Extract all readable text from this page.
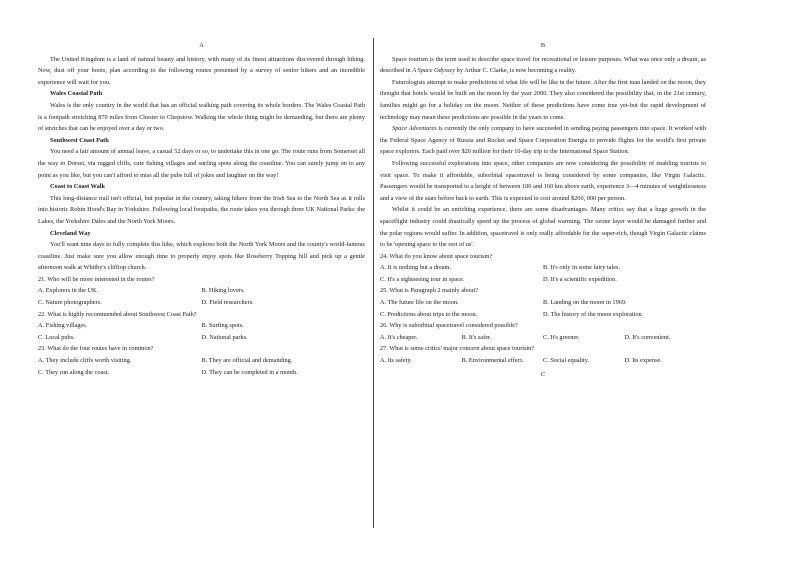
A

The United Kingdom is a land of natural beauty and history, with many of its finest attractions discovered through hiking. Now, dust off your boots, plan according to the following routes presented by a survey of senior hikers and an incredible experience will wait for you.

Wales Coastal Path

Wales is the only country in the world that has an official walking path covering its whole borders. The Wales Coastal Path is a footpath stretching 870 miles from Chester to Chepstow. Walking the whole thing might be demanding, but there are plenty of stretches that can be enjoyed over a day or two.

Southwest Coast Path

You need a fair amount of annual leave, a casual 52 days or so, to undertake this in one go. The route runs from Somerset all the way to Dorset, via rugged cliffs, cute fishing villages and surfing spots along the coastline. You can surely jump on to any point as you like, but you can't afford to miss all the pubs full of jokes and laughter on the way!

Coast to Coast Walk

This long-distance trail isn't official, but popular in the country, taking hikers from the Irish Sea to the North Sea as it rolls into historic Robin Hood's Bay in Yorkshire. Following local footpaths, the route takes you through three UK National Parks: the Lakes, the Yorkshire Dales and the North York Moors.

Cleveland Way

You'll want nine days to fully complete this hike, which explores both the North York Moors and the county's world-famous coastline. Just make sure you allow enough time to properly enjoy spots like Roseberry Topping hill and pick up a gentle afternoon walk at Whitby's clifftop church.

21. Who will be more interested in the routes?
A. Explorers in the UK.	B. Hiking lovers.
C. Nature photographers.	D. Field researchers.
22. What is highly recommended about Southwest Coast Path?
A. Fishing villages.	B. Surfing spots.
C. Local pubs.	D. National parks.
23. What do the four routes have in common?
A. They include cliffs worth visiting.	B. They are official and demanding.
C. They run along the coast.	D. They can be completed in a month.
B

Space tourism is the term used to describe space travel for recreational or leisure purposes. What was once only a dream, as described in A Space Odyssey by Arthur C. Clarke, is now becoming a reality.

Futurologists attempt to make predictions of what life will be like in the future. After the first man landed on the moon, they thought that hotels would be built on the moon by the year 2000. They also considered the possibility that, in the 21st century, families might go for a holiday on the moon. Neither of these predictions have come true yet-but the rapid development of technology may mean these predictions are possible in the years to come.

Space Adventures is currently the only company to have succeeded in sending paying passengers into space. It worked with the Federal Space Agency of Russia and Rocket and Space Corporation Energia to provide flights for the world's first private space explorers. Each paid over $20 million for their 10-day trip to the International Space Station.

Following successful explorations into space, other companies are now considering the possibility of enabling tourists to visit space. To make it affordable, suborbital spacetravel is being considered by some companies, like Virgin Galactic. Passengers would be transported to a height of between 100 and 160 km above earth, experience 3—4 minutes of weightlessness and a view of the stars before back to earth. This is expected to cost around $200, 000 per person.

Whilst it could be an enriching experience, there are some disadvantages. Many critics say that a huge growth in the spaceflight industry could drastically speed up the process of global warming. The ozone layer would be damaged further and the polar regions would suffer. In addition, spacetravel is only really affordable for the super-rich, though Virgin Galactic claims to be 'opening space to the rest of us'.

24. What do you know about space tourism?
A. It is nothing but a dream.	B. It's only in some fairy tales.
C. It's a sightseeing tour in space.	D. It's a scientific expedition.
25. What is Paragraph 2 mainly about?
A. The future life on the moon.	B. Landing on the moon in 1969.
C. Predictions about trips to the moon.	D. The history of the moon exploration.
26. Why is suborbital spacetravel considered possible?
A. It's cheaper.	B. It's safer.	C. It's greener.	D. It's convenient.
27. What is some critics' major concern about space tourism?
A. Its safety.	B. Environmental effect.	C. Social equality.	D. Its expense.
C
